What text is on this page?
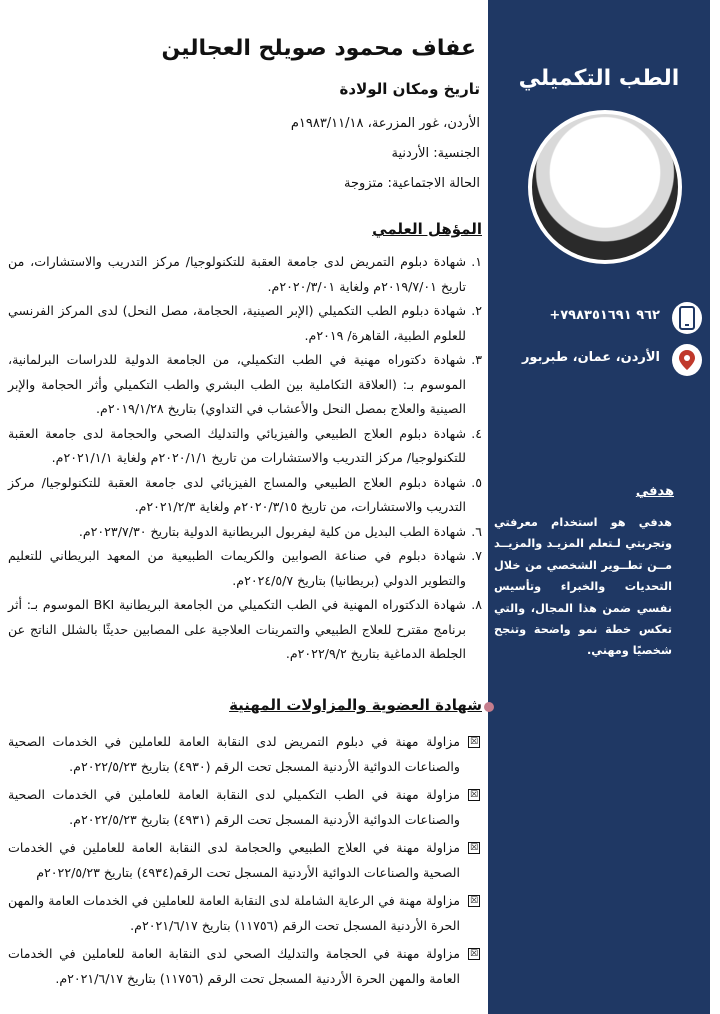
الطب التكميلي
+٩٦٢ ٧٩٨٣٥١٦٩١
الأردن، عمان، طبربور
هدفي
هدفي هو استخدام معرفتي وتجربتي لـتعلم المزيـد والمزيــد مــن تطــوير الشخصي من خلال التحديات والخبراء وتأسيس نفسي ضمن هذا المجال، والتي تعكس خطة نمو واضحة وتنجح شخصيًا ومهني.
عفاف محمود صويلح العجالين
تاريخ ومكان الولادة
الأردن، غور المزرعة، ١٩٨٣/١١/١٨م
الجنسية: الأردنية
الحالة الاجتماعية: متزوجة
المؤهل العلمي
١.
شهادة دبلوم التمريض لدى جامعة العقبة للتكنولوجيا/ مركز التدريب والاستشارات، من تاريخ ٢٠١٩/٧/٠١م ولغاية ٢٠٢٠/٣/٠١م.
٢.
شهادة دبلوم الطب التكميلي (الإبر الصينية، الحجامة، مصل النحل) لدى المركز الفرنسي للعلوم الطبية، القاهرة/ ٢٠١٩م.
٣.
شهادة دكتوراه مهنية في الطب التكميلي، من الجامعة الدولية للدراسات البرلمانية، الموسوم بـ: (العلاقة التكاملية بين الطب البشري والطب التكميلي وأثر الحجامة والإبر الصينية والعلاج بمصل النحل والأعشاب في التداوي) بتاريخ ٢٠١٩/١/٢٨م.
٤.
شهادة دبلوم العلاج الطبيعي والفيزيائي والتدليك الصحي والحجامة لدى جامعة العقبة للتكنولوجيا/ مركز التدريب والاستشارات من تاريخ ٢٠٢٠/١/١م ولغاية ٢٠٢١/١/١م.
٥.
شهادة دبلوم العلاج الطبيعي والمساج الفيزيائي لدى جامعة العقبة للتكنولوجيا/ مركز التدريب والاستشارات، من تاريخ ٢٠٢٠/٣/١٥م ولغاية ٢٠٢١/٢/٣م.
٦.
شهادة الطب البديل من كلية ليفربول البريطانية الدولية بتاريخ ٢٠٢٣/٧/٣٠م.
٧.
شهادة دبلوم في صناعة الصوابين والكريمات الطبيعية من المعهد البريطاني للتعليم والتطوير الدولي (بريطانيا) بتاريخ ٢٠٢٤/٥/٧م.
٨.
شهادة الدكتوراه المهنية في الطب التكميلي من الجامعة البريطانية BKI الموسوم بـ: أثر برنامج مقترح للعلاج الطبيعي والتمرينات العلاجية على المصابين حديثًا بالشلل الناتج عن الجلطة الدماغية بتاريخ ٢٠٢٢/٩/٢م.
شهادة العضوية والمزاولات المهنية
☒
مزاولة مهنة في دبلوم التمريض لدى النقابة العامة للعاملين في الخدمات الصحية والصناعات الدوائية الأردنية المسجل تحت الرقم (٤٩٣٠) بتاريخ ٢٠٢٢/٥/٢٣م.
☒
مزاولة مهنة في الطب التكميلي لدى النقابة العامة للعاملين في الخدمات الصحية والصناعات الدوائية الأردنية المسجل تحت الرقم (٤٩٣١) بتاريخ ٢٠٢٢/٥/٢٣م.
☒
مزاولة مهنة في العلاج الطبيعي والحجامة لدى النقابة العامة للعاملين في الخدمات الصحية والصناعات الدوائية الأردنية المسجل تحت الرقم(٤٩٣٤) بتاريخ ٢٠٢٢/٥/٢٣م
☒
مزاولة مهنة في الرعاية الشاملة لدى النقابة العامة للعاملين في الخدمات العامة والمهن الحرة الأردنية المسجل تحت الرقم (١١٧٥٦) بتاريخ ٢٠٢١/٦/١٧م.
☒
مزاولة مهنة في الحجامة والتدليك الصحي لدى النقابة العامة للعاملين في الخدمات العامة والمهن الحرة الأردنية المسجل تحت الرقم (١١٧٥٦) بتاريخ ٢٠٢١/٦/١٧م.
